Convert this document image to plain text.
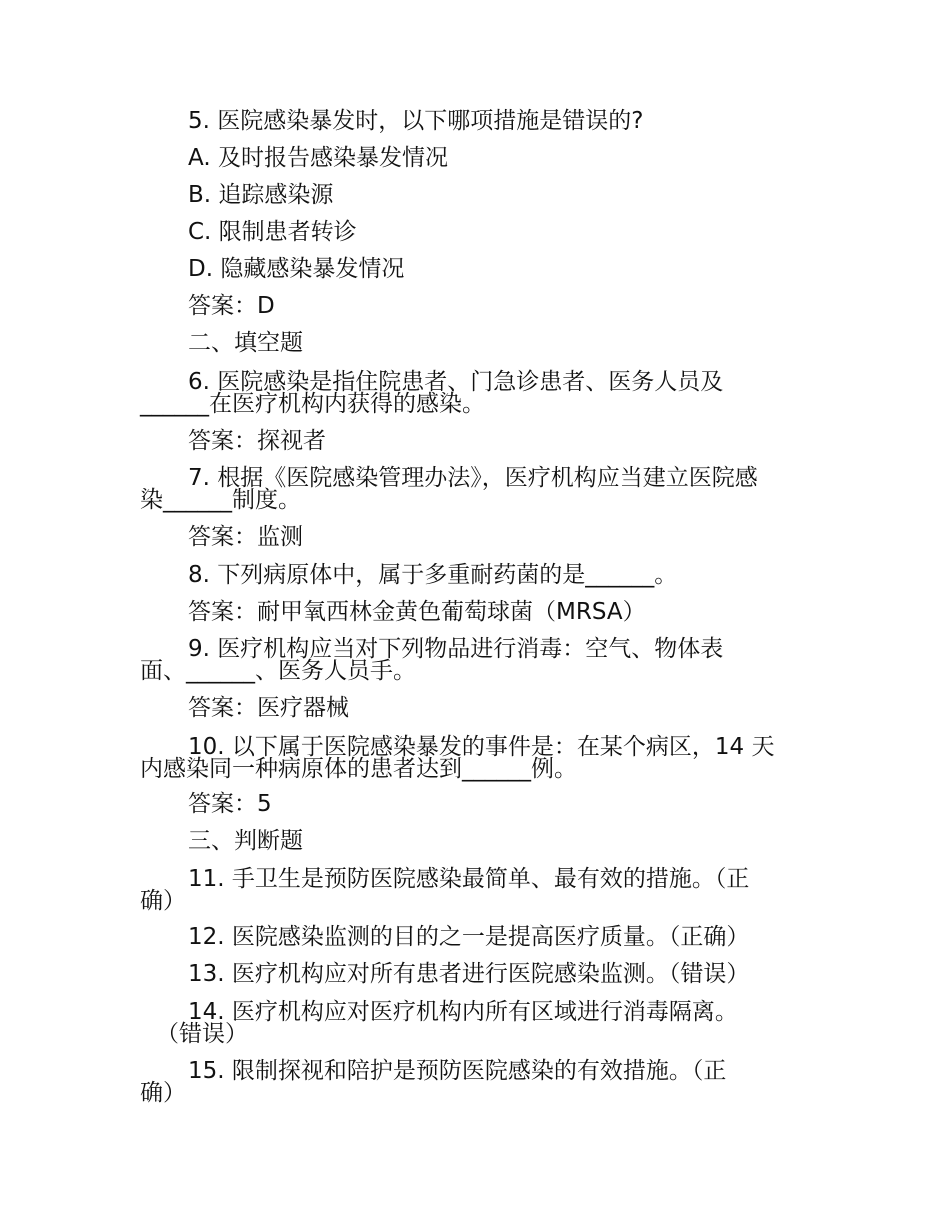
5. 医院感染暴发时，以下哪项措施是错误的?
A. 及时报告感染暴发情况
B. 追踪感染源
C. 限制患者转诊
D. 隐藏感染暴发情况
答案：D
二、填空题
6. 医院感染是指住院患者、门急诊患者、医务人员及
______在医疗机构内获得的感染。
答案：探视者
7. 根据《医院感染管理办法》，医疗机构应当建立医院感
染______制度。
答案：监测
8. 下列病原体中，属于多重耐药菌的是______。
答案：耐甲氧西林金黄色葡萄球菌（MRSA）
9. 医疗机构应当对下列物品进行消毒：空气、物体表
面、______、医务人员手。
答案：医疗器械
10. 以下属于医院感染暴发的事件是：在某个病区，14 天
内感染同一种病原体的患者达到______例。
答案：5
三、判断题
11. 手卫生是预防医院感染最简单、最有效的措施。（正
确）
12. 医院感染监测的目的之一是提高医疗质量。（正确）
13. 医疗机构应对所有患者进行医院感染监测。（错误）
14. 医疗机构应对医疗机构内所有区域进行消毒隔离。
（错误）
15. 限制探视和陪护是预防医院感染的有效措施。（正
确）
